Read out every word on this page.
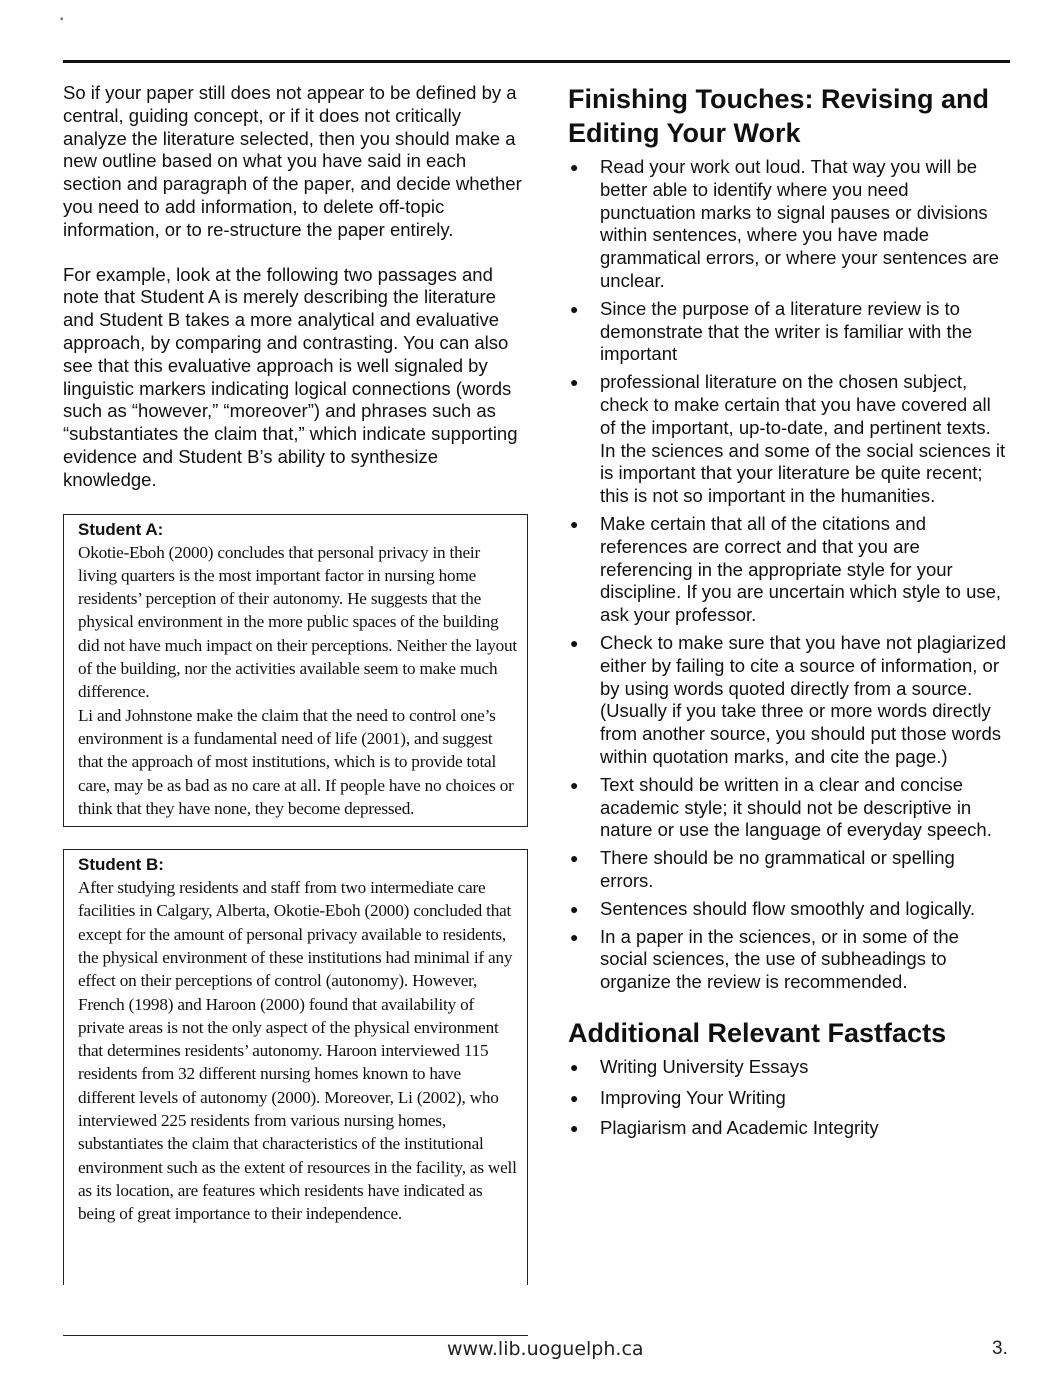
▪

So if your paper still does not appear to be defined by a central, guiding concept, or if it does not critically analyze the literature selected, then you should make a new outline based on what you have said in each section and paragraph of the paper, and decide whether you need to add information, to delete off-topic information, or to re-structure the paper entirely.

For example, look at the following two passages and note that Student A is merely describing the literature and Student B takes a more analytical and evaluative approach, by comparing and contrasting. You can also see that this evaluative approach is well signaled by linguistic markers indicating logical connections (words such as “however,” “moreover”) and phrases such as “substantiates the claim that,” which indicate supporting evidence and Student B’s ability to synthesize knowledge.

Student A:

Okotie-Eboh (2000) concludes that personal privacy in their living quarters is the most important factor in nursing home residents’ perception of their autonomy. He suggests that the physical environment in the more public spaces of the building did not have much impact on their perceptions. Neither the layout of the building, nor the activities available seem to make much difference.

Li and Johnstone make the claim that the need to control one’s environment is a fundamental need of life (2001), and suggest that the approach of most institutions, which is to provide total care, may be as bad as no care at all. If people have no choices or think that they have none, they become depressed.

Student B:

After studying residents and staff from two intermediate care facilities in Calgary, Alberta, Okotie-Eboh (2000) concluded that except for the amount of personal privacy available to residents, the physical environment of these institutions had minimal if any effect on their perceptions of control (autonomy). However, French (1998) and Haroon (2000) found that availability of private areas is not the only aspect of the physical environment that determines residents’ autonomy. Haroon interviewed 115 residents from 32 different nursing homes known to have different levels of autonomy (2000). Moreover, Li (2002), who interviewed 225 residents from various nursing homes, substantiates the claim that characteristics of the institutional environment such as the extent of resources in the facility, as well as its location, are features which residents have indicated as being of great importance to their independence.

Finishing Touches: Revising and Editing Your Work
● Read your work out loud. That way you will be better able to identify where you need punctuation marks to signal pauses or divisions within sentences, where you have made grammatical errors, or where your sentences are unclear.
● Since the purpose of a literature review is to demonstrate that the writer is familiar with the important
● professional literature on the chosen subject, check to make certain that you have covered all of the important, up-to-date, and pertinent texts. In the sciences and some of the social sciences it is important that your literature be quite recent; this is not so important in the humanities.
● Make certain that all of the citations and references are correct and that you are referencing in the appropriate style for your discipline. If you are uncertain which style to use, ask your professor.
● Check to make sure that you have not plagiarized either by failing to cite a source of information, or by using words quoted directly from a source. (Usually if you take three or more words directly from another source, you should put those words within quotation marks, and cite the page.)
● Text should be written in a clear and concise academic style; it should not be descriptive in nature or use the language of everyday speech.
● There should be no grammatical or spelling errors.
● Sentences should flow smoothly and logically.
● In a paper in the sciences, or in some of the social sciences, the use of subheadings to organize the review is recommended.
Additional Relevant Fastfacts
● Writing University Essays
● Improving Your Writing
● Plagiarism and Academic Integrity
www.lib.uoguelph.ca	3.
